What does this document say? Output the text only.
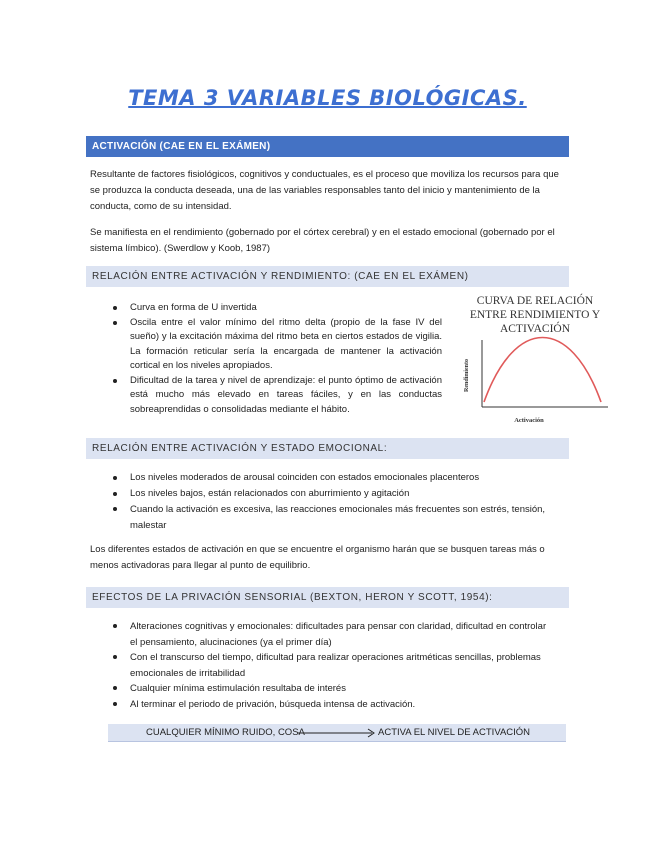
TEMA 3 VARIABLES BIOLÓGICAS.
ACTIVACIÓN (CAE EN EL EXÁMEN)
Resultante de factores fisiológicos, cognitivos y conductuales, es el proceso que moviliza los recursos para que se produzca la conducta deseada, una de las variables responsables tanto del inicio y mantenimiento de la conducta, como de su intensidad.
Se manifiesta en el rendimiento (gobernado por el córtex cerebral) y en el estado emocional (gobernado por el sistema límbico). (Swerdlow y Koob, 1987)
RELACIÓN ENTRE ACTIVACIÓN Y RENDIMIENTO: (CAE EN EL EXÁMEN)
Curva en forma de U invertida
Oscila entre el valor mínimo del ritmo delta (propio de la fase IV del sueño) y la excitación máxima del ritmo beta en ciertos estados de vigilia. La formación reticular sería la encargada de mantener la activación cortical en los niveles apropiados.
Dificultad de la tarea y nivel de aprendizaje: el punto óptimo de activación está mucho más elevado en tareas fáciles, y en las conductas sobreaprendidas o consolidadas mediante el hábito.
CURVA DE RELACIÓN
ENTRE RENDIMIENTO Y
ACTIVACIÓN
Rendimiento
Activación
RELACIÓN ENTRE ACTIVACIÓN Y ESTADO EMOCIONAL:
Los niveles moderados de arousal coinciden con estados emocionales placenteros
Los niveles bajos, están relacionados con aburrimiento y agitación
Cuando la activación es excesiva, las reacciones emocionales más frecuentes son estrés, tensión, malestar
Los diferentes estados de activación en que se encuentre el organismo harán que se busquen tareas más o menos activadoras para llegar al punto de equilibrio.
EFECTOS DE LA PRIVACIÓN SENSORIAL (BEXTON, HERON Y SCOTT, 1954):
Alteraciones cognitivas y emocionales: dificultades para pensar con claridad, dificultad en controlar el pensamiento, alucinaciones (ya el primer día)
Con el transcurso del tiempo, dificultad para realizar operaciones aritméticas sencillas, problemas emocionales de irritabilidad
Cualquier mínima estimulación resultaba de interés
Al terminar el periodo de privación, búsqueda intensa de activación.
CUALQUIER MÍNIMO RUIDO, COSA	ACTIVA EL NIVEL DE ACTIVACIÓN
